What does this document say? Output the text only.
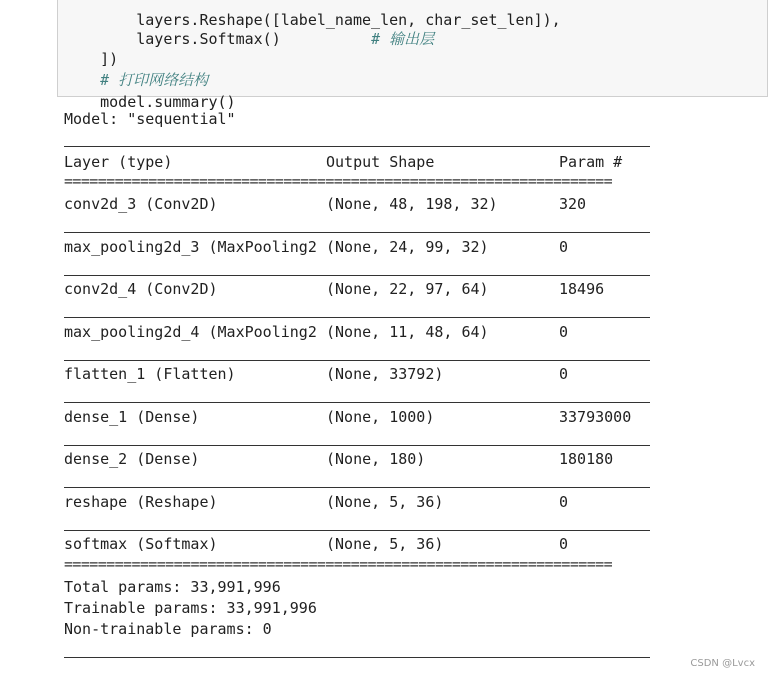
layers.Reshape([label_name_len, char_set_len]),

layers.Softmax()          # 输出层

])

# 打印网络结构

model.summary()

Model: "sequential"
Layer (type)	Output Shape	Param #
=================================================================
conv2d_3 (Conv2D)	(None, 48, 198, 32)	320
max_pooling2d_3 (MaxPooling2 (None, 24, 99, 32)	0
conv2d_4 (Conv2D)	(None, 22, 97, 64)	18496
max_pooling2d_4 (MaxPooling2 (None, 11, 48, 64)	0
flatten_1 (Flatten)	(None, 33792)	0
dense_1 (Dense)	(None, 1000)	33793000
dense_2 (Dense)	(None, 180)	180180
reshape (Reshape)	(None, 5, 36)	0
softmax (Softmax)	(None, 5, 36)	0
=================================================================
Total params: 33,991,996
Trainable params: 33,991,996
Non-trainable params: 0
CSDN @Lvcx
